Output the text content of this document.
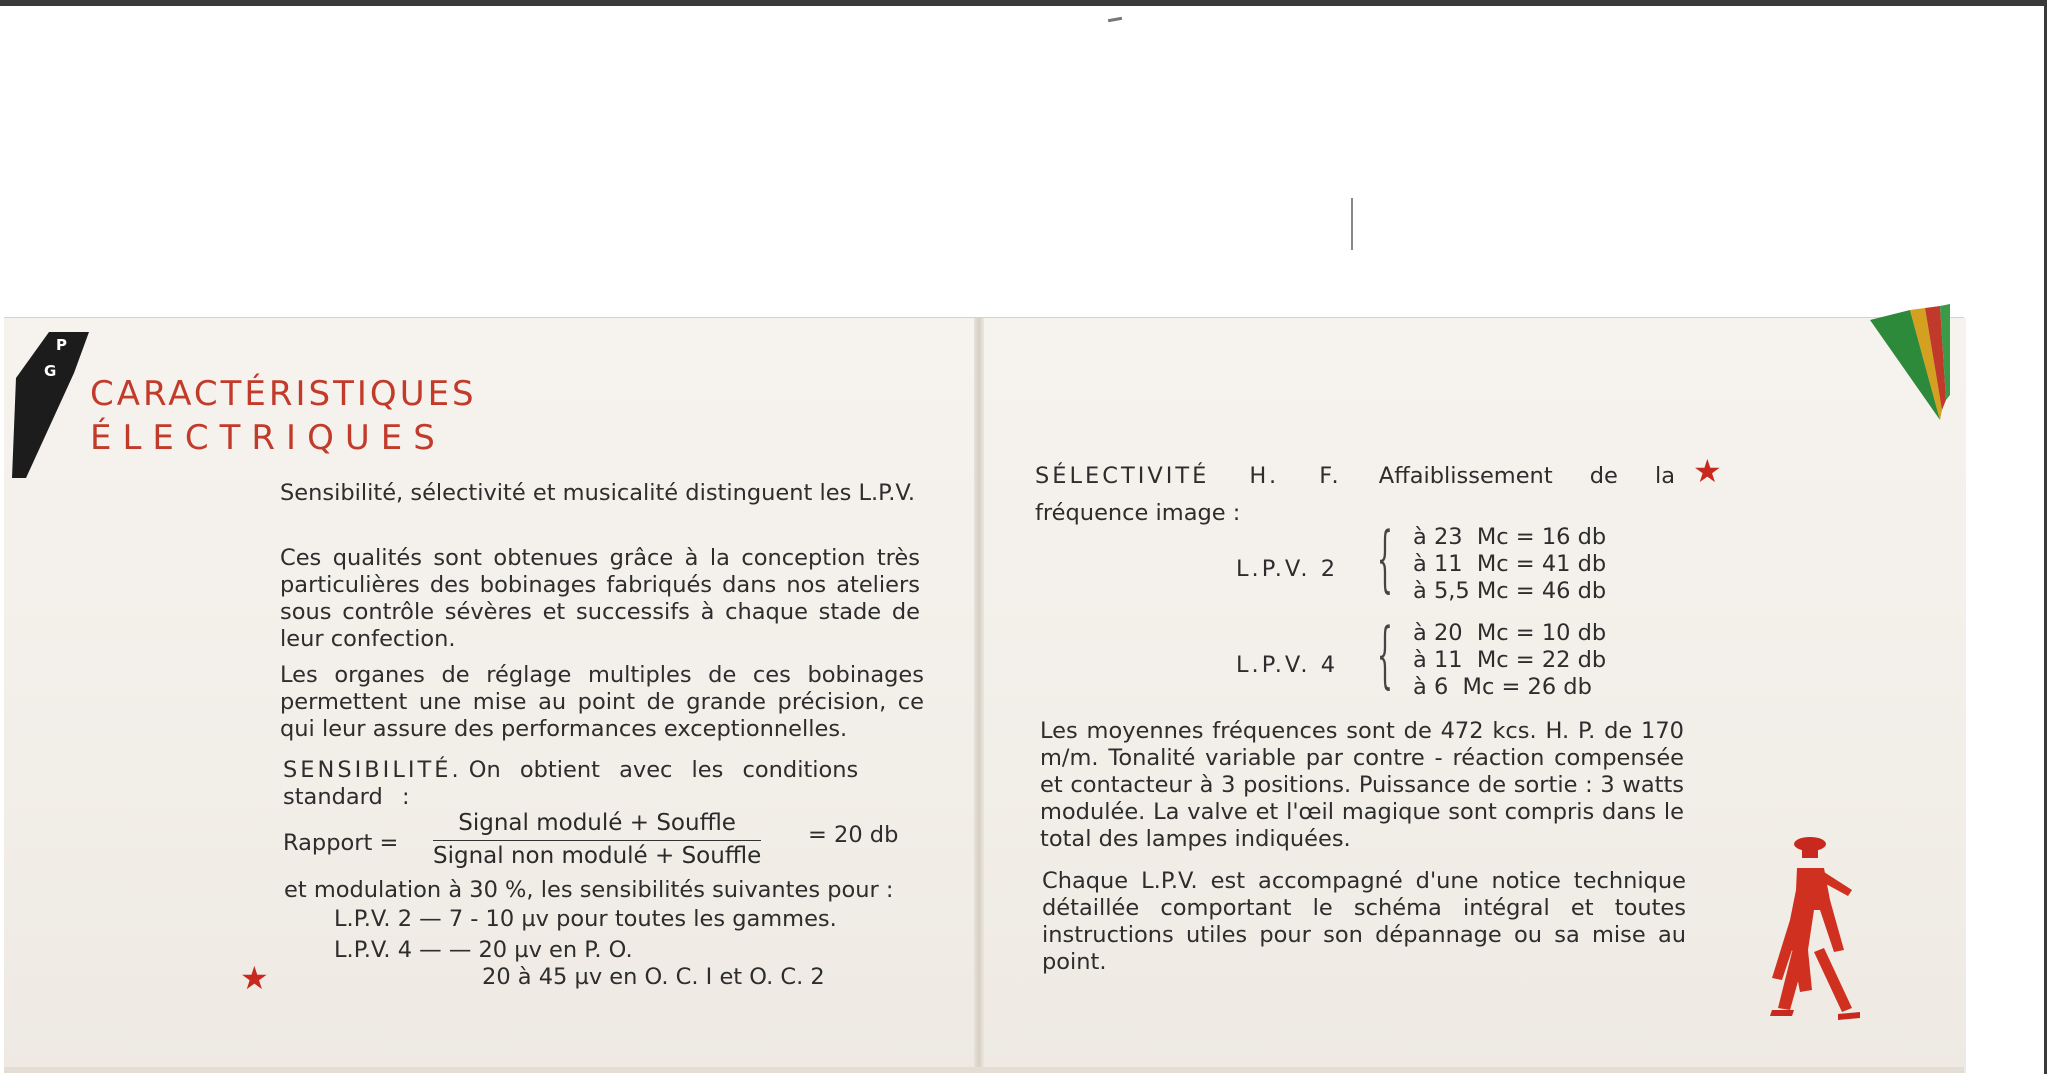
P
G
CARACTÉRISTIQUES
ÉLECTRIQUES
Sensibilité, sélectivité et musicalité distinguent les L.P.V.
Ces qualités sont obtenues grâce à la conception très particulières des bobinages fabriqués dans nos ateliers sous contrôle sévères et successifs à chaque stade de leur confection.
Les organes de réglage multiples de ces bobinages permettent une mise au point de grande précision, ce qui leur assure des performances exceptionnelles.
SENSIBILITÉ. On obtient avec les conditions standard :
Rapport =
Signal modulé + Souffle
Signal non modulé + Souffle
= 20 db
et modulation à 30 %, les sensibilités suivantes pour :
L.P.V. 2 — 7 - 10 µv pour toutes les gammes.
L.P.V. 4 — — 20 µv en P. O.
20 à 45 µv en O. C. I et O. C. 2
★
SÉLECTIVITÉ H. F. Affaiblissement de la ★
fréquence image :
L.P.V. 2 { à 23  Mc = 16 db
à 11  Mc = 41 db
à 5,5 Mc = 46 db
L.P.V. 4 { à 20  Mc = 10 db
à 11  Mc = 22 db
à 6  Mc = 26 db
Les moyennes fréquences sont de 472 kcs. H. P. de 170 m/m. Tonalité variable par contre - réaction compensée et contacteur à 3 positions. Puissance de sortie : 3 watts modulée. La valve et l'œil magique sont compris dans le total des lampes indiquées.
Chaque L.P.V. est accompagné d'une notice technique détaillée comportant le schéma intégral et toutes instructions utiles pour son dépannage ou sa mise au point.
